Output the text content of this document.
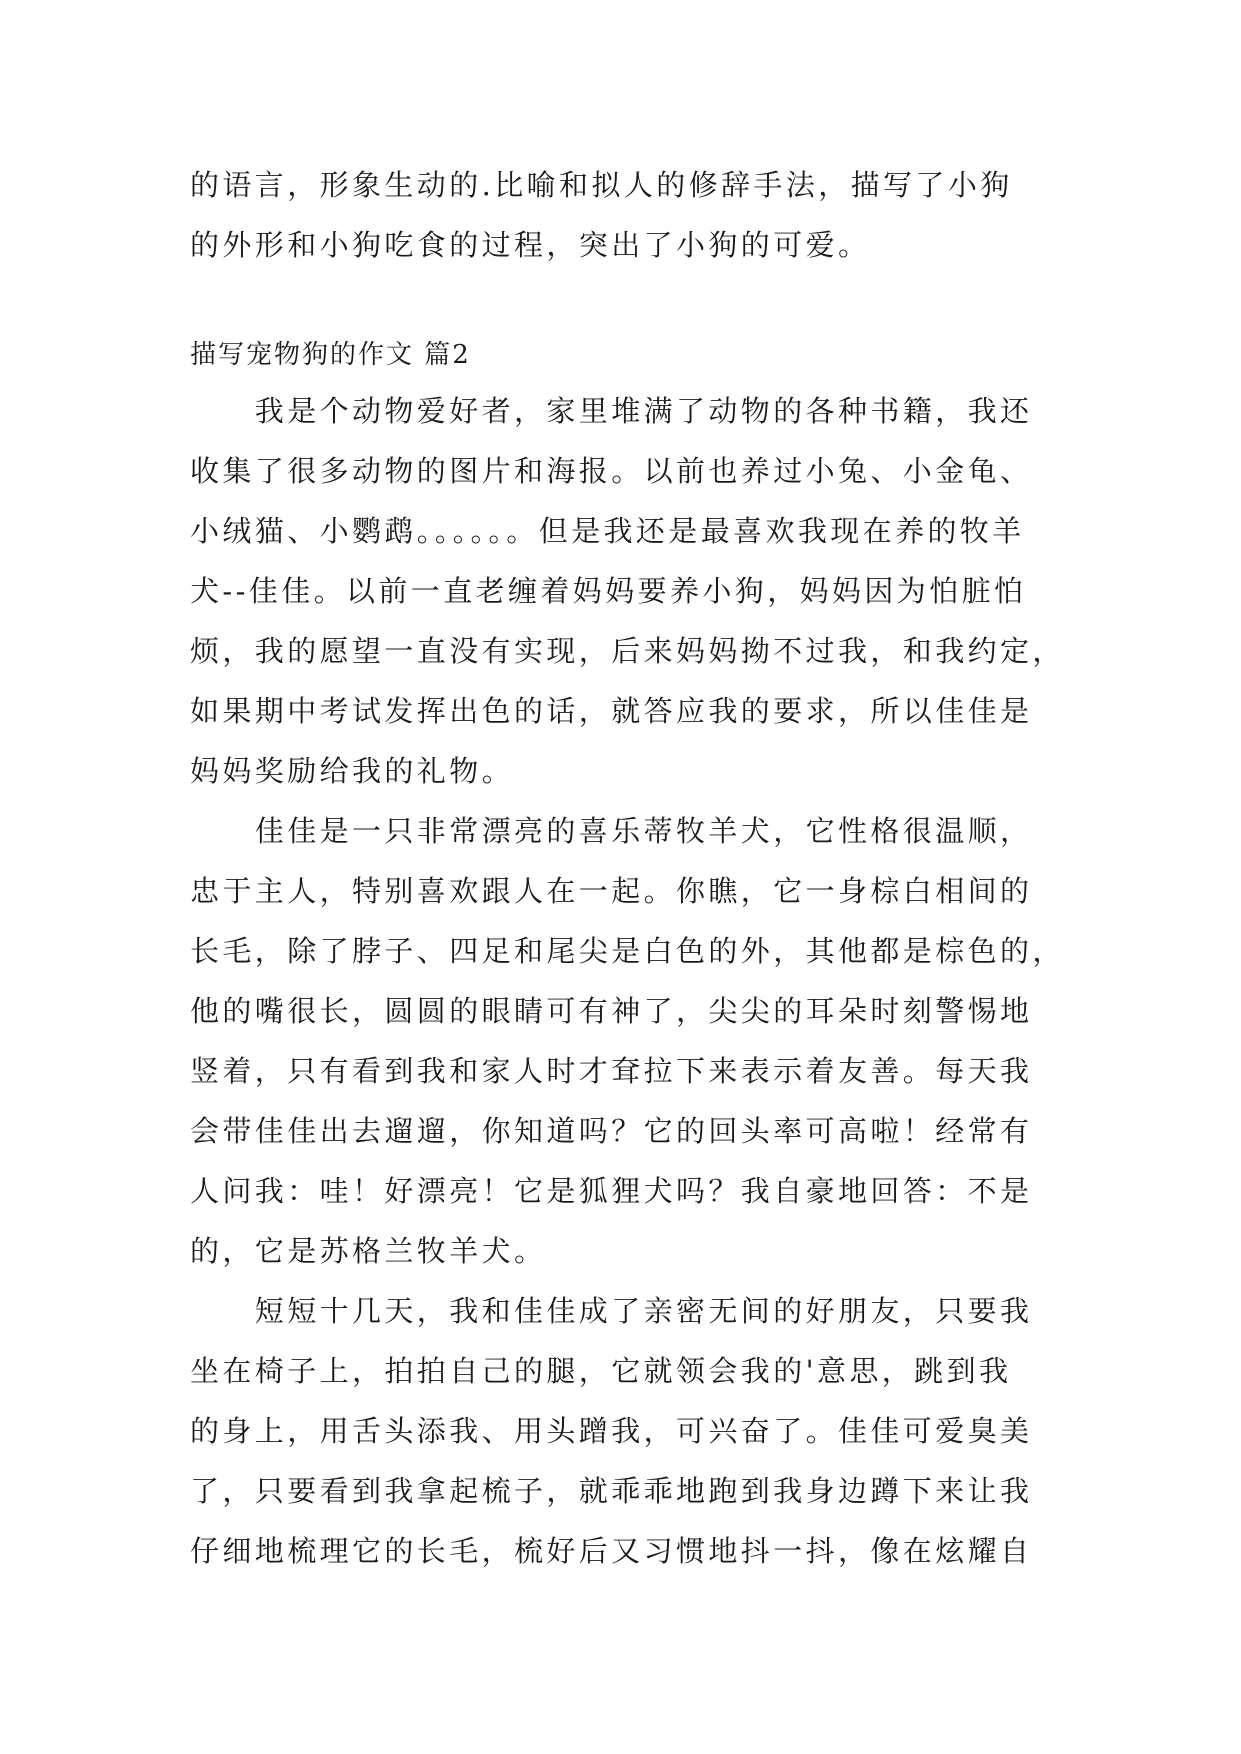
的语言，形象生动的.比喻和拟人的修辞手法，描写了小狗
的外形和小狗吃食的过程，突出了小狗的可爱。
描写宠物狗的作文 篇2
　　我是个动物爱好者，家里堆满了动物的各种书籍，我还
收集了很多动物的图片和海报。以前也养过小兔、小金龟、
小绒猫、小鹦鹉。。。。。。但是我还是最喜欢我现在养的牧羊
犬--佳佳。以前一直老缠着妈妈要养小狗，妈妈因为怕脏怕
烦，我的愿望一直没有实现，后来妈妈拗不过我，和我约定，
如果期中考试发挥出色的话，就答应我的要求，所以佳佳是
妈妈奖励给我的礼物。
　　佳佳是一只非常漂亮的喜乐蒂牧羊犬，它性格很温顺，
忠于主人，特别喜欢跟人在一起。你瞧，它一身棕白相间的
长毛，除了脖子、四足和尾尖是白色的外，其他都是棕色的，
他的嘴很长，圆圆的眼睛可有神了，尖尖的耳朵时刻警惕地
竖着，只有看到我和家人时才耷拉下来表示着友善。每天我
会带佳佳出去遛遛，你知道吗？它的回头率可高啦！经常有
人问我：哇！好漂亮！它是狐狸犬吗？我自豪地回答：不是
的，它是苏格兰牧羊犬。
　　短短十几天，我和佳佳成了亲密无间的好朋友，只要我
坐在椅子上，拍拍自己的腿，它就领会我的'意思，跳到我
的身上，用舌头添我、用头蹭我，可兴奋了。佳佳可爱臭美
了，只要看到我拿起梳子，就乖乖地跑到我身边蹲下来让我
仔细地梳理它的长毛，梳好后又习惯地抖一抖，像在炫耀自
